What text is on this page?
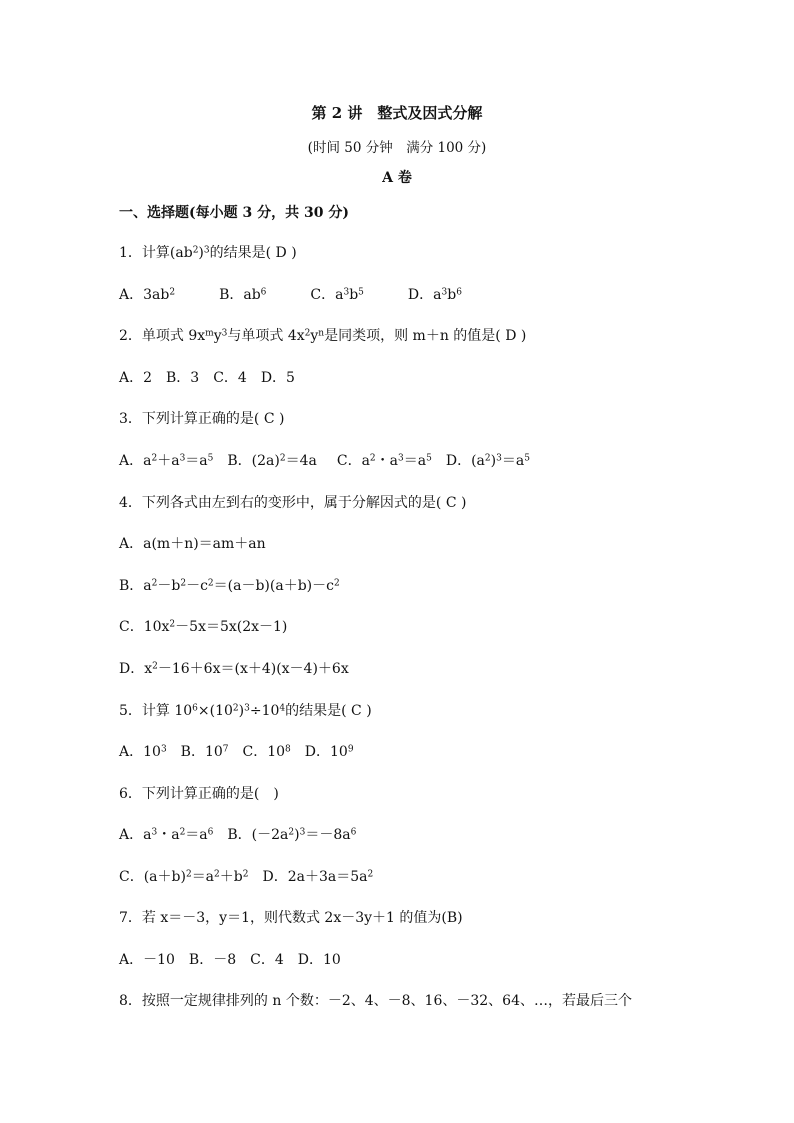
第 2 讲　整式及因式分解
(时间 50 分钟　满分 100 分)
A 卷
一、选择题(每小题 3 分，共 30 分)
1．计算$(ab^2)^3$的结果是( D )
A．$3ab^2$	B．$ab^6$	C．$a^3b^5$	D．$a^3b^6$
2．单项式 $9x^my^3$与单项式 $4x^2y^n$是同类项，则 m＋n 的值是( D )
A．2　B．3　C．4　D．5
3．下列计算正确的是( C )
A．$a^2+a^3=a^5$ B．$(2a)^2=4a$ C．$a^2$・$a^3=a^5$ D．$(a^2)^3=a^5$
4．下列各式由左到右的变形中，属于分解因式的是( C )
A．a(m＋n)＝am＋an
B．$a^2-b^2-c^2=(a-b)(a+b)-c^2$
C．$10x^2-5x=5x(2x-1)$
D．$x^2-16+6x=(x+4)(x-4)+6x$
5．计算 $10^6\times(10^2)^3\div 10^4$的结果是( C )
A．$10^3$ B．$10^7$ C．$10^8$ D．$10^9$
6．下列计算正确的是(　)
A．$a^3$・$a^2=a^6$ B．$(-2a^2)^3=-8a^6$
C．$(a+b)^2=a^2+b^2$ D．$2a+3a=5a^2$
7．若 x＝－3，y＝1，则代数式 2x－3y＋1 的值为(B)
A．－10　B．－8　C．4　D．10
8．按照一定规律排列的 n 个数：－2、4、－8、16、－32、64、…，若最后三个
